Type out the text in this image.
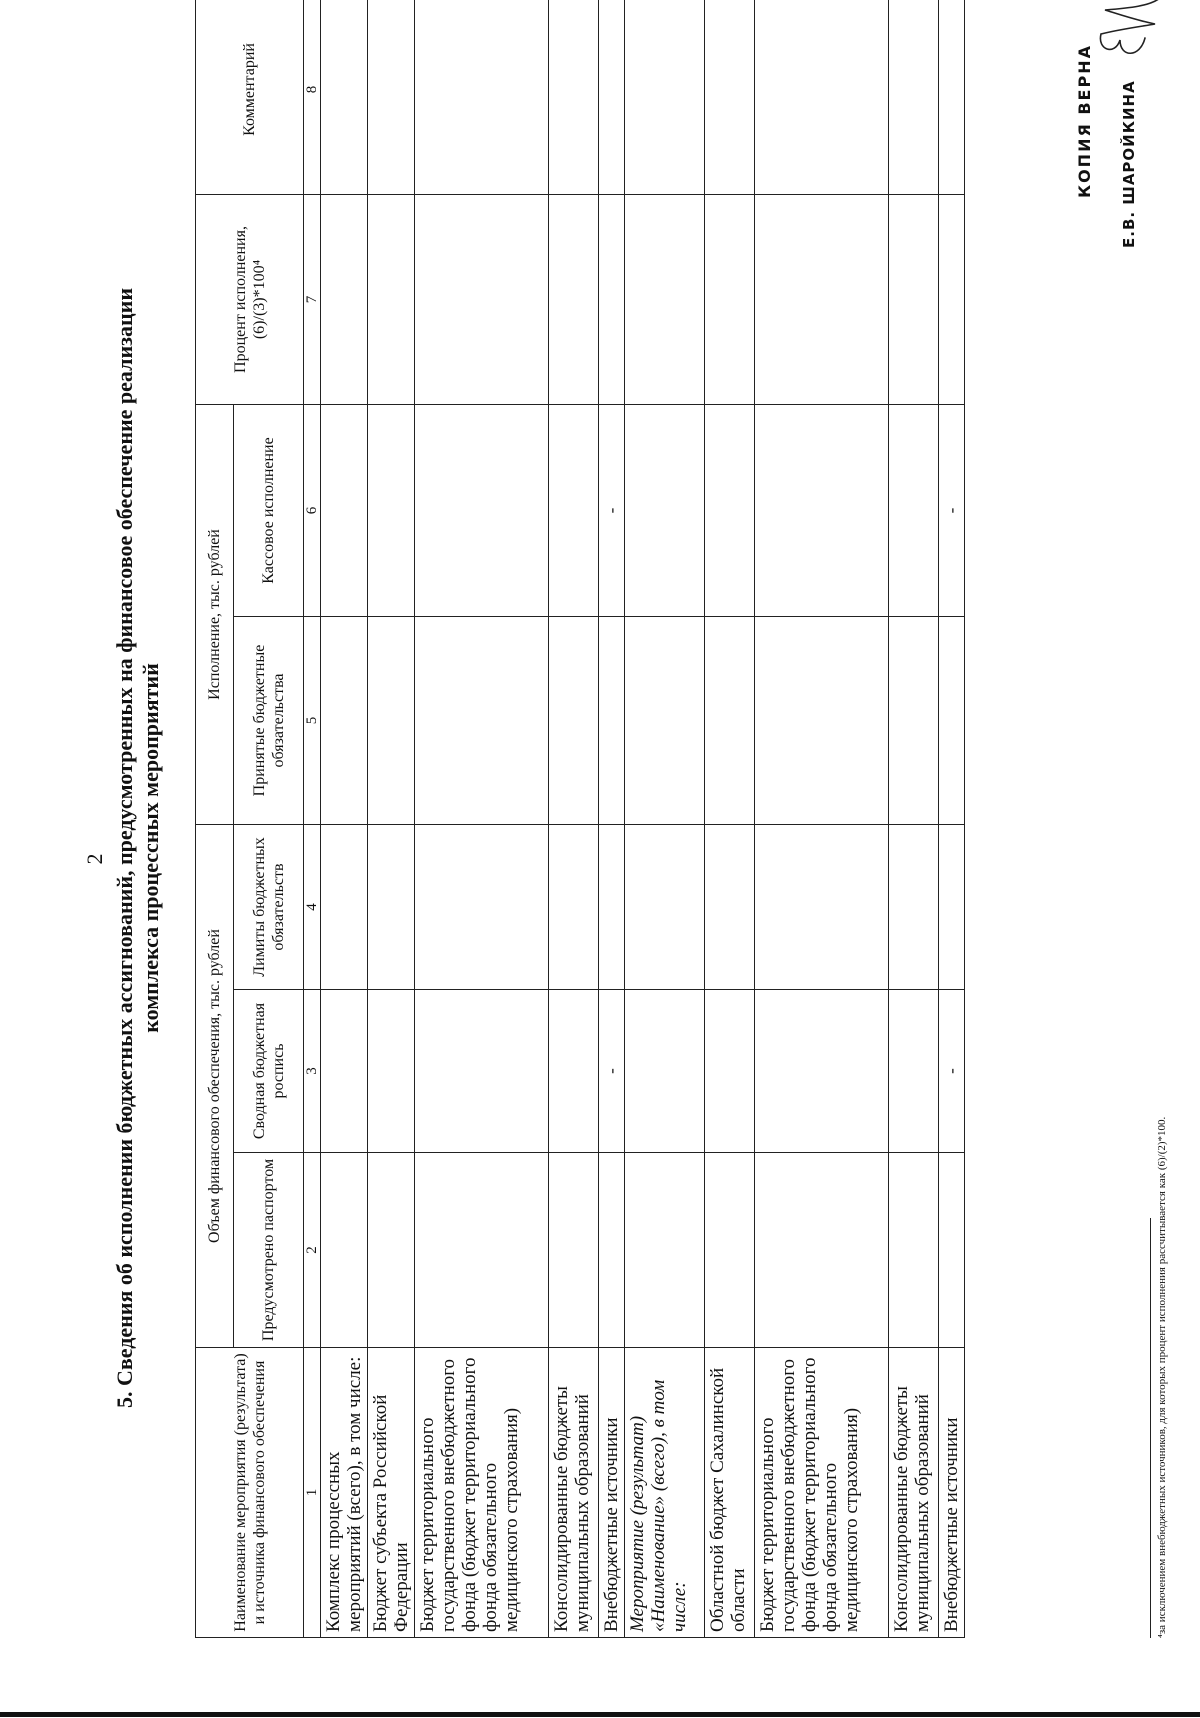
2 5. Сведения об исполнении бюджетных ассигнований, предусмотренных на финансовое обеспечение реализации комплекса процессных мероприятий
Наименование мероприятия (результата) и источника финансового обеспечения	Объем финансового обеспечения, тыс. рублей			Исполнение, тыс. рублей		Процент исполнения, (6)/(3)*100⁴	Комментарий
	Предусмотрено паспортом	Сводная бюджетная роспись	Лимиты бюджетных обязательств	Принятые бюджетные обязательства	Кассовое исполнение		
1	2	3	4	5	6	7	8
Комплекс процессных мероприятий (всего), в том числе:							
Бюджет субъекта Российской Федерации							
Бюджет территориального государственного внебюджетного фонда (бюджет территориального фонда обязательного медицинского страхования)							
Консолидированные бюджеты муниципальных образований							
Внебюджетные источники		-			-		
Мероприятие (результат) «Наименование» (всего), в том числе:							
Областной бюджет Сахалинской области							
Бюджет территориального государственного внебюджетного фонда (бюджет территориального фонда обязательного медицинского страхования)							
Консолидированные бюджеты муниципальных образований							
Внебюджетные источники		-			-		
⁴за исключением внебюджетных источников, для которых процент исполнения рассчитывается как (6)/(2)*100.
КОПИЯ ВЕРНА Е.В. ШАРОЙКИНА
